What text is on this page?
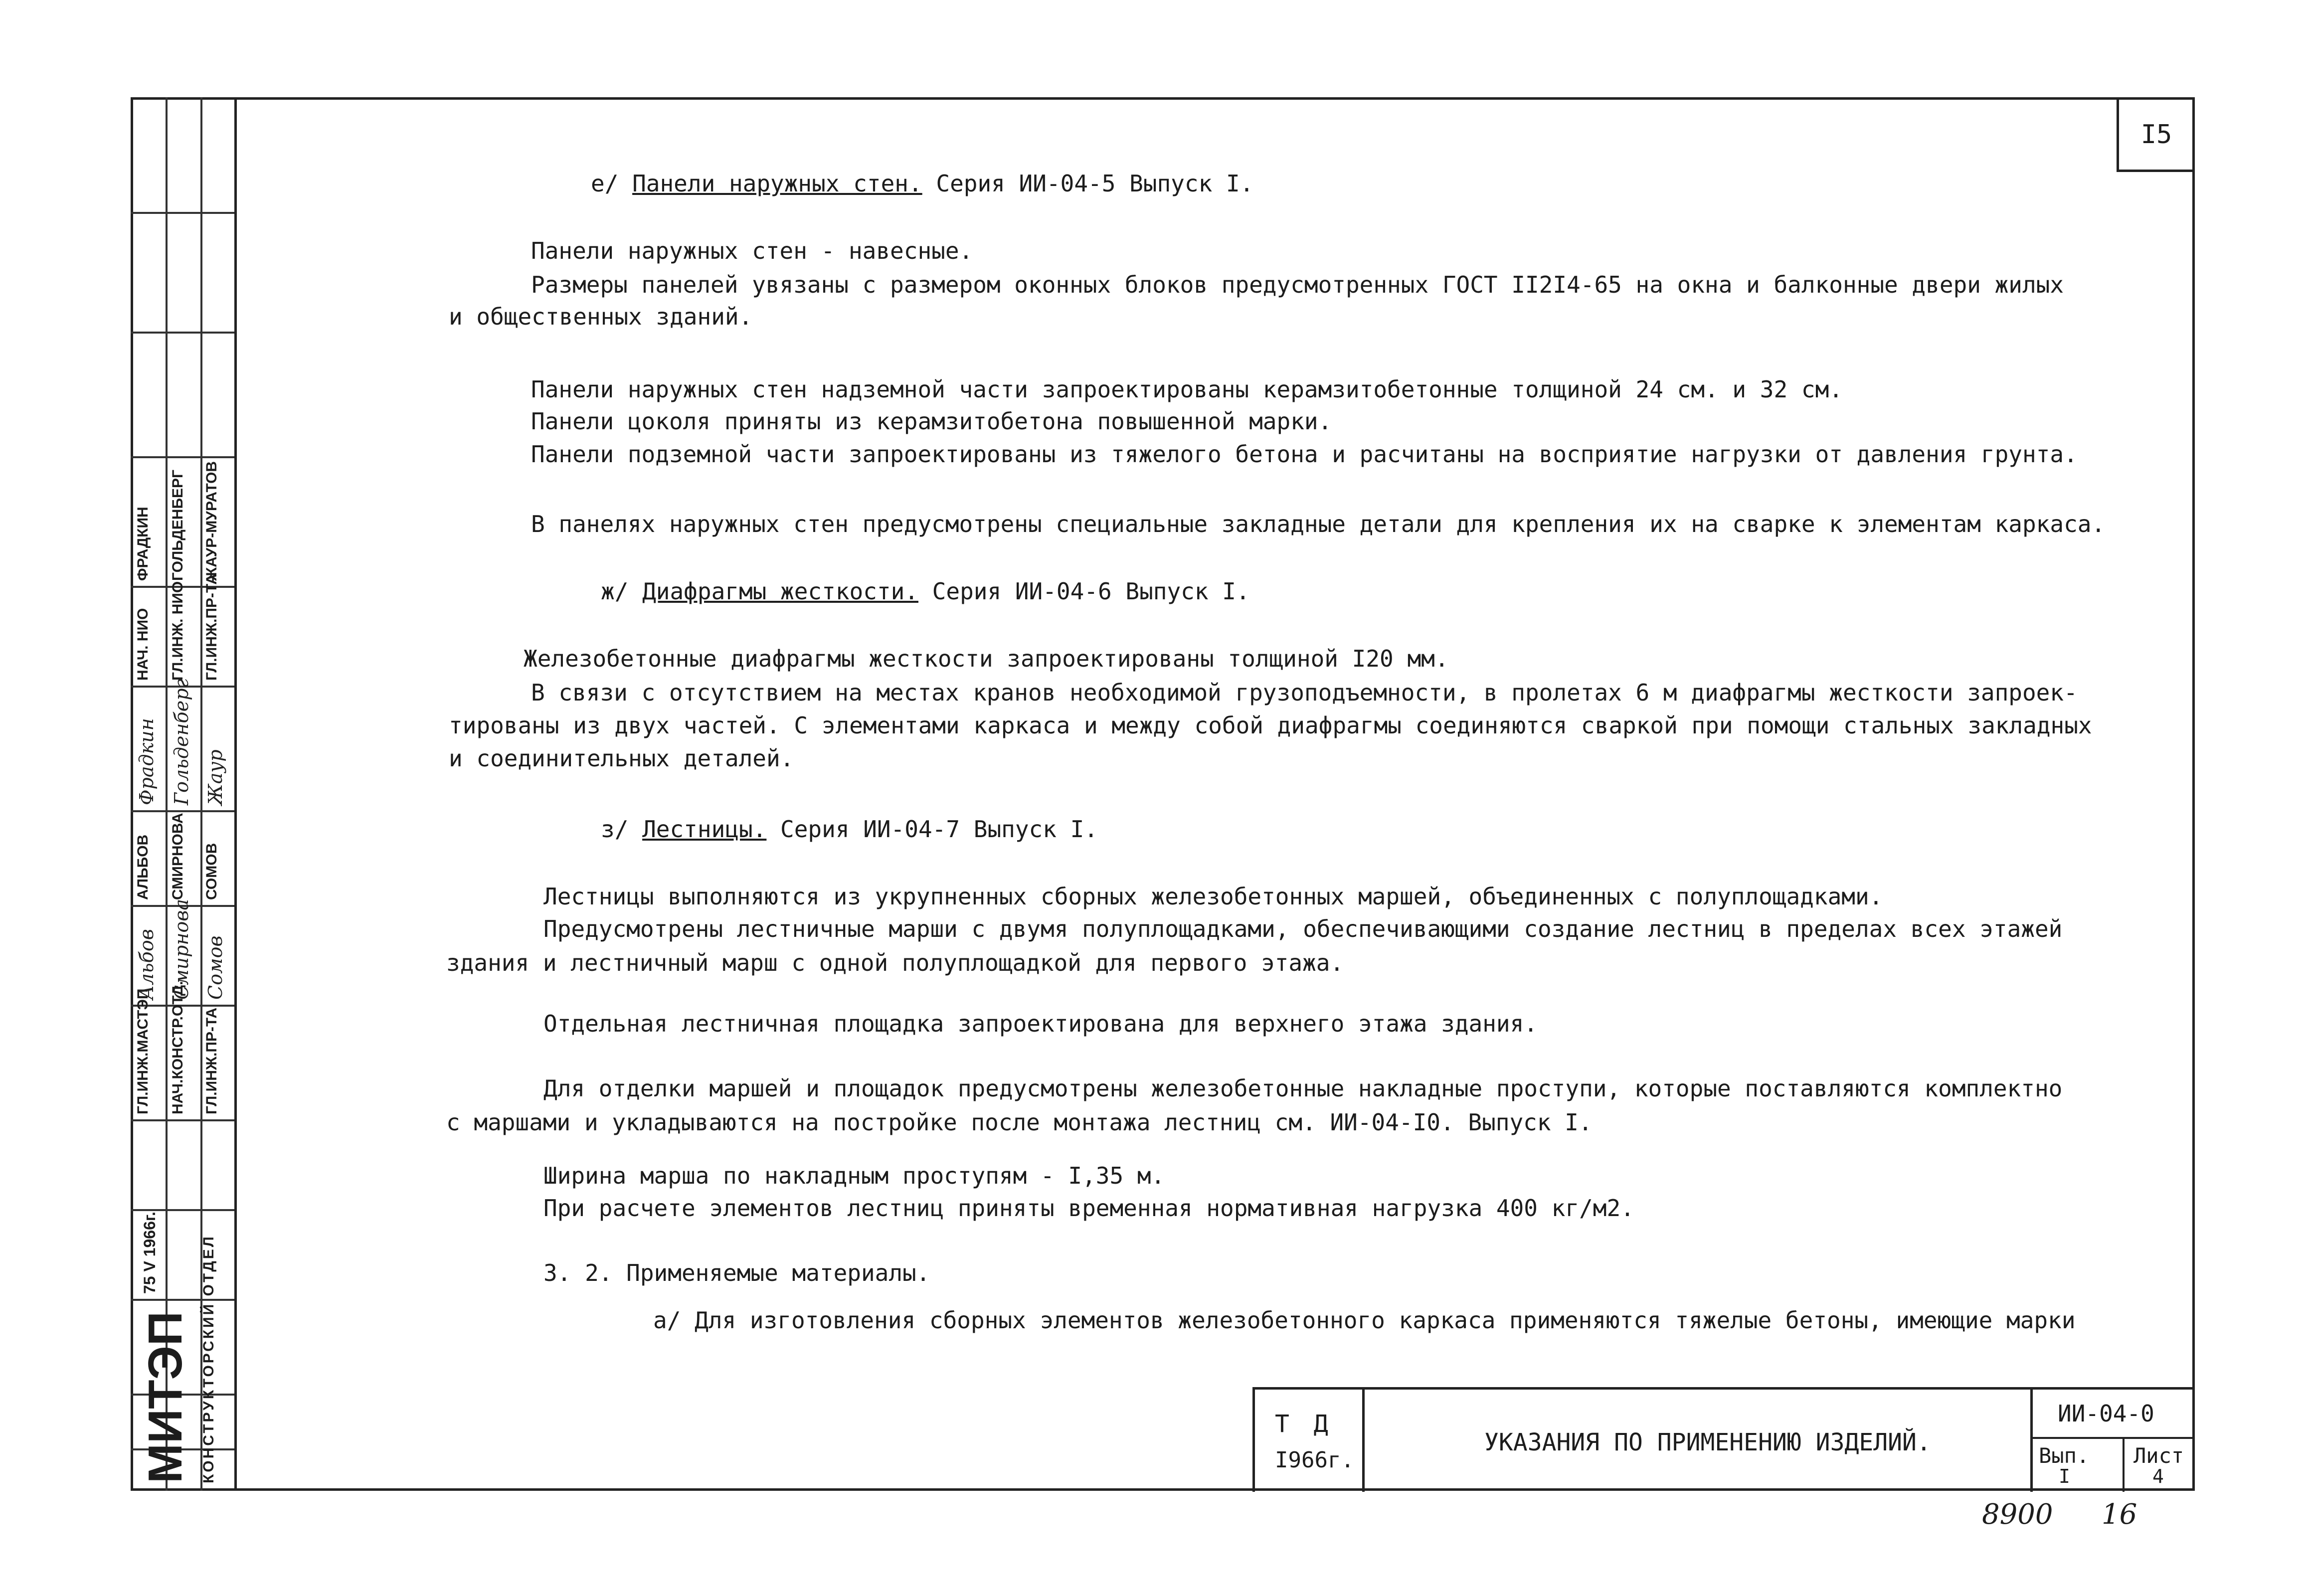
I5
НАЧ. НИО ГЛ.ИНЖ. НИО ГЛ.ИНЖ.ПР-ТА
Фрадкин Гольденберг Жаур
ФРАДКИН ГОЛЬДЕНБЕРГ ЖАУР-МУРАТОВ
ГЛ.ИНЖ.МАСТЭП НАЧ.КОНСТР.ОТД. ГЛ.ИНЖ.ПР-ТА
Альбов Смирнова Сомов
АЛЬБОВ СМИРНОВА СОМОВ
75 V 1966г.
МИТЭП КОНСТРУКТОРСКИЙ ОТДЕЛ
е/ Панели наружных стен. Серия ИИ-04-5 Выпуск I.
Панели наружных стен - навесные.
Размеры панелей увязаны с размером оконных блоков предусмотренных ГОСТ II2I4-65 на окна и балконные двери жилых
и общественных зданий.
Панели наружных стен надземной части запроектированы керамзитобетонные толщиной 24 см. и 32 см.
Панели цоколя приняты из керамзитобетона повышенной марки.
Панели подземной части запроектированы из тяжелого бетона и расчитаны на восприятие нагрузки от давления грунта.
В панелях наружных стен предусмотрены специальные закладные детали для крепления их на сварке к элементам каркаса.
ж/ Диафрагмы жесткости. Серия ИИ-04-6 Выпуск I.
Железобетонные диафрагмы жесткости запроектированы толщиной I20 мм.
В связи с отсутствием на местах кранов необходимой грузоподъемности, в пролетах 6 м диафрагмы жесткости запроек-
тированы из двух частей. С элементами каркаса и между собой диафрагмы соединяются сваркой при помощи стальных закладных
и соединительных деталей.
з/ Лестницы. Серия ИИ-04-7 Выпуск I.
Лестницы выполняются из укрупненных сборных железобетонных маршей, объединенных с полуплощадками.
Предусмотрены лестничные марши с двумя полуплощадками, обеспечивающими создание лестниц в пределах всех этажей
здания и лестничный марш с одной полуплощадкой для первого этажа.
Отдельная лестничная площадка запроектирована для верхнего этажа здания.
Для отделки маршей и площадок предусмотрены железобетонные накладные проступи, которые поставляются комплектно
с маршами и укладываются на постройке после монтажа лестниц см. ИИ-04-I0. Выпуск I.
Ширина марша по накладным проступям - I,35 м.
При расчете элементов лестниц приняты временная нормативная нагрузка 400 кг/м2.
3. 2. Применяемые материалы.
а/ Для изготовления сборных элементов железобетонного каркаса применяются тяжелые бетоны, имеющие марки
Т Д
I966г.
УКАЗАНИЯ ПО ПРИМЕНЕНИЮ ИЗДЕЛИЙ.
ИИ-04-0
Вып.
I
Лист
4
8900 16
